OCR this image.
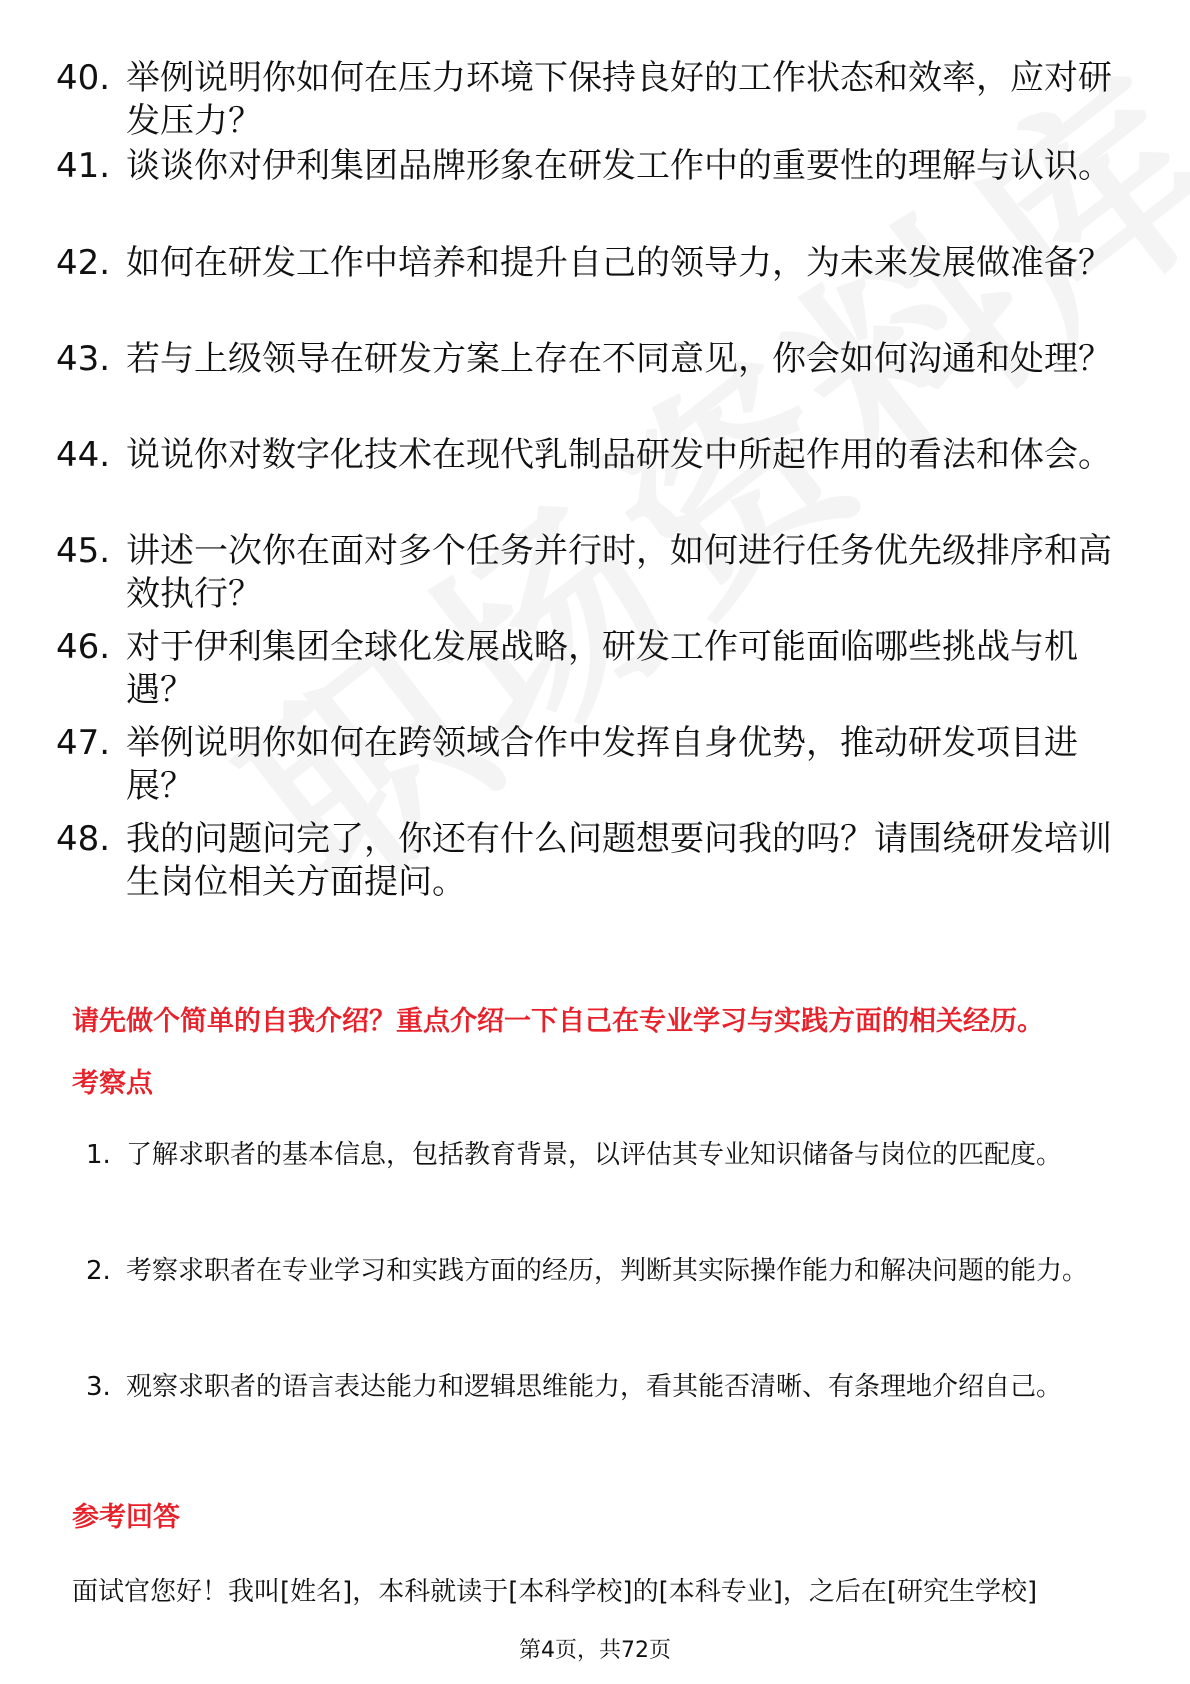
40. 举例说明你如何在压力环境下保持良好的工作状态和效率，应对研发压力？
41. 谈谈你对伊利集团品牌形象在研发工作中的重要性的理解与认识。
42. 如何在研发工作中培养和提升自己的领导力，为未来发展做准备？
43. 若与上级领导在研发方案上存在不同意见，你会如何沟通和处理？
44. 说说你对数字化技术在现代乳制品研发中所起作用的看法和体会。
45. 讲述一次你在面对多个任务并行时，如何进行任务优先级排序和高效执行？
46. 对于伊利集团全球化发展战略，研发工作可能面临哪些挑战与机遇？
47. 举例说明你如何在跨领域合作中发挥自身优势，推动研发项目进展？
48. 我的问题问完了，你还有什么问题想要问我的吗？请围绕研发培训生岗位相关方面提问。
请先做个简单的自我介绍？重点介绍一下自己在专业学习与实践方面的相关经历。
考察点
1. 了解求职者的基本信息，包括教育背景，以评估其专业知识储备与岗位的匹配度。
2. 考察求职者在专业学习和实践方面的经历，判断其实际操作能力和解决问题的能力。
3. 观察求职者的语言表达能力和逻辑思维能力，看其能否清晰、有条理地介绍自己。
参考回答
面试官您好！我叫[姓名]，本科就读于[本科学校]的[本科专业]，之后在[研究生学校]
第4页，共72页
